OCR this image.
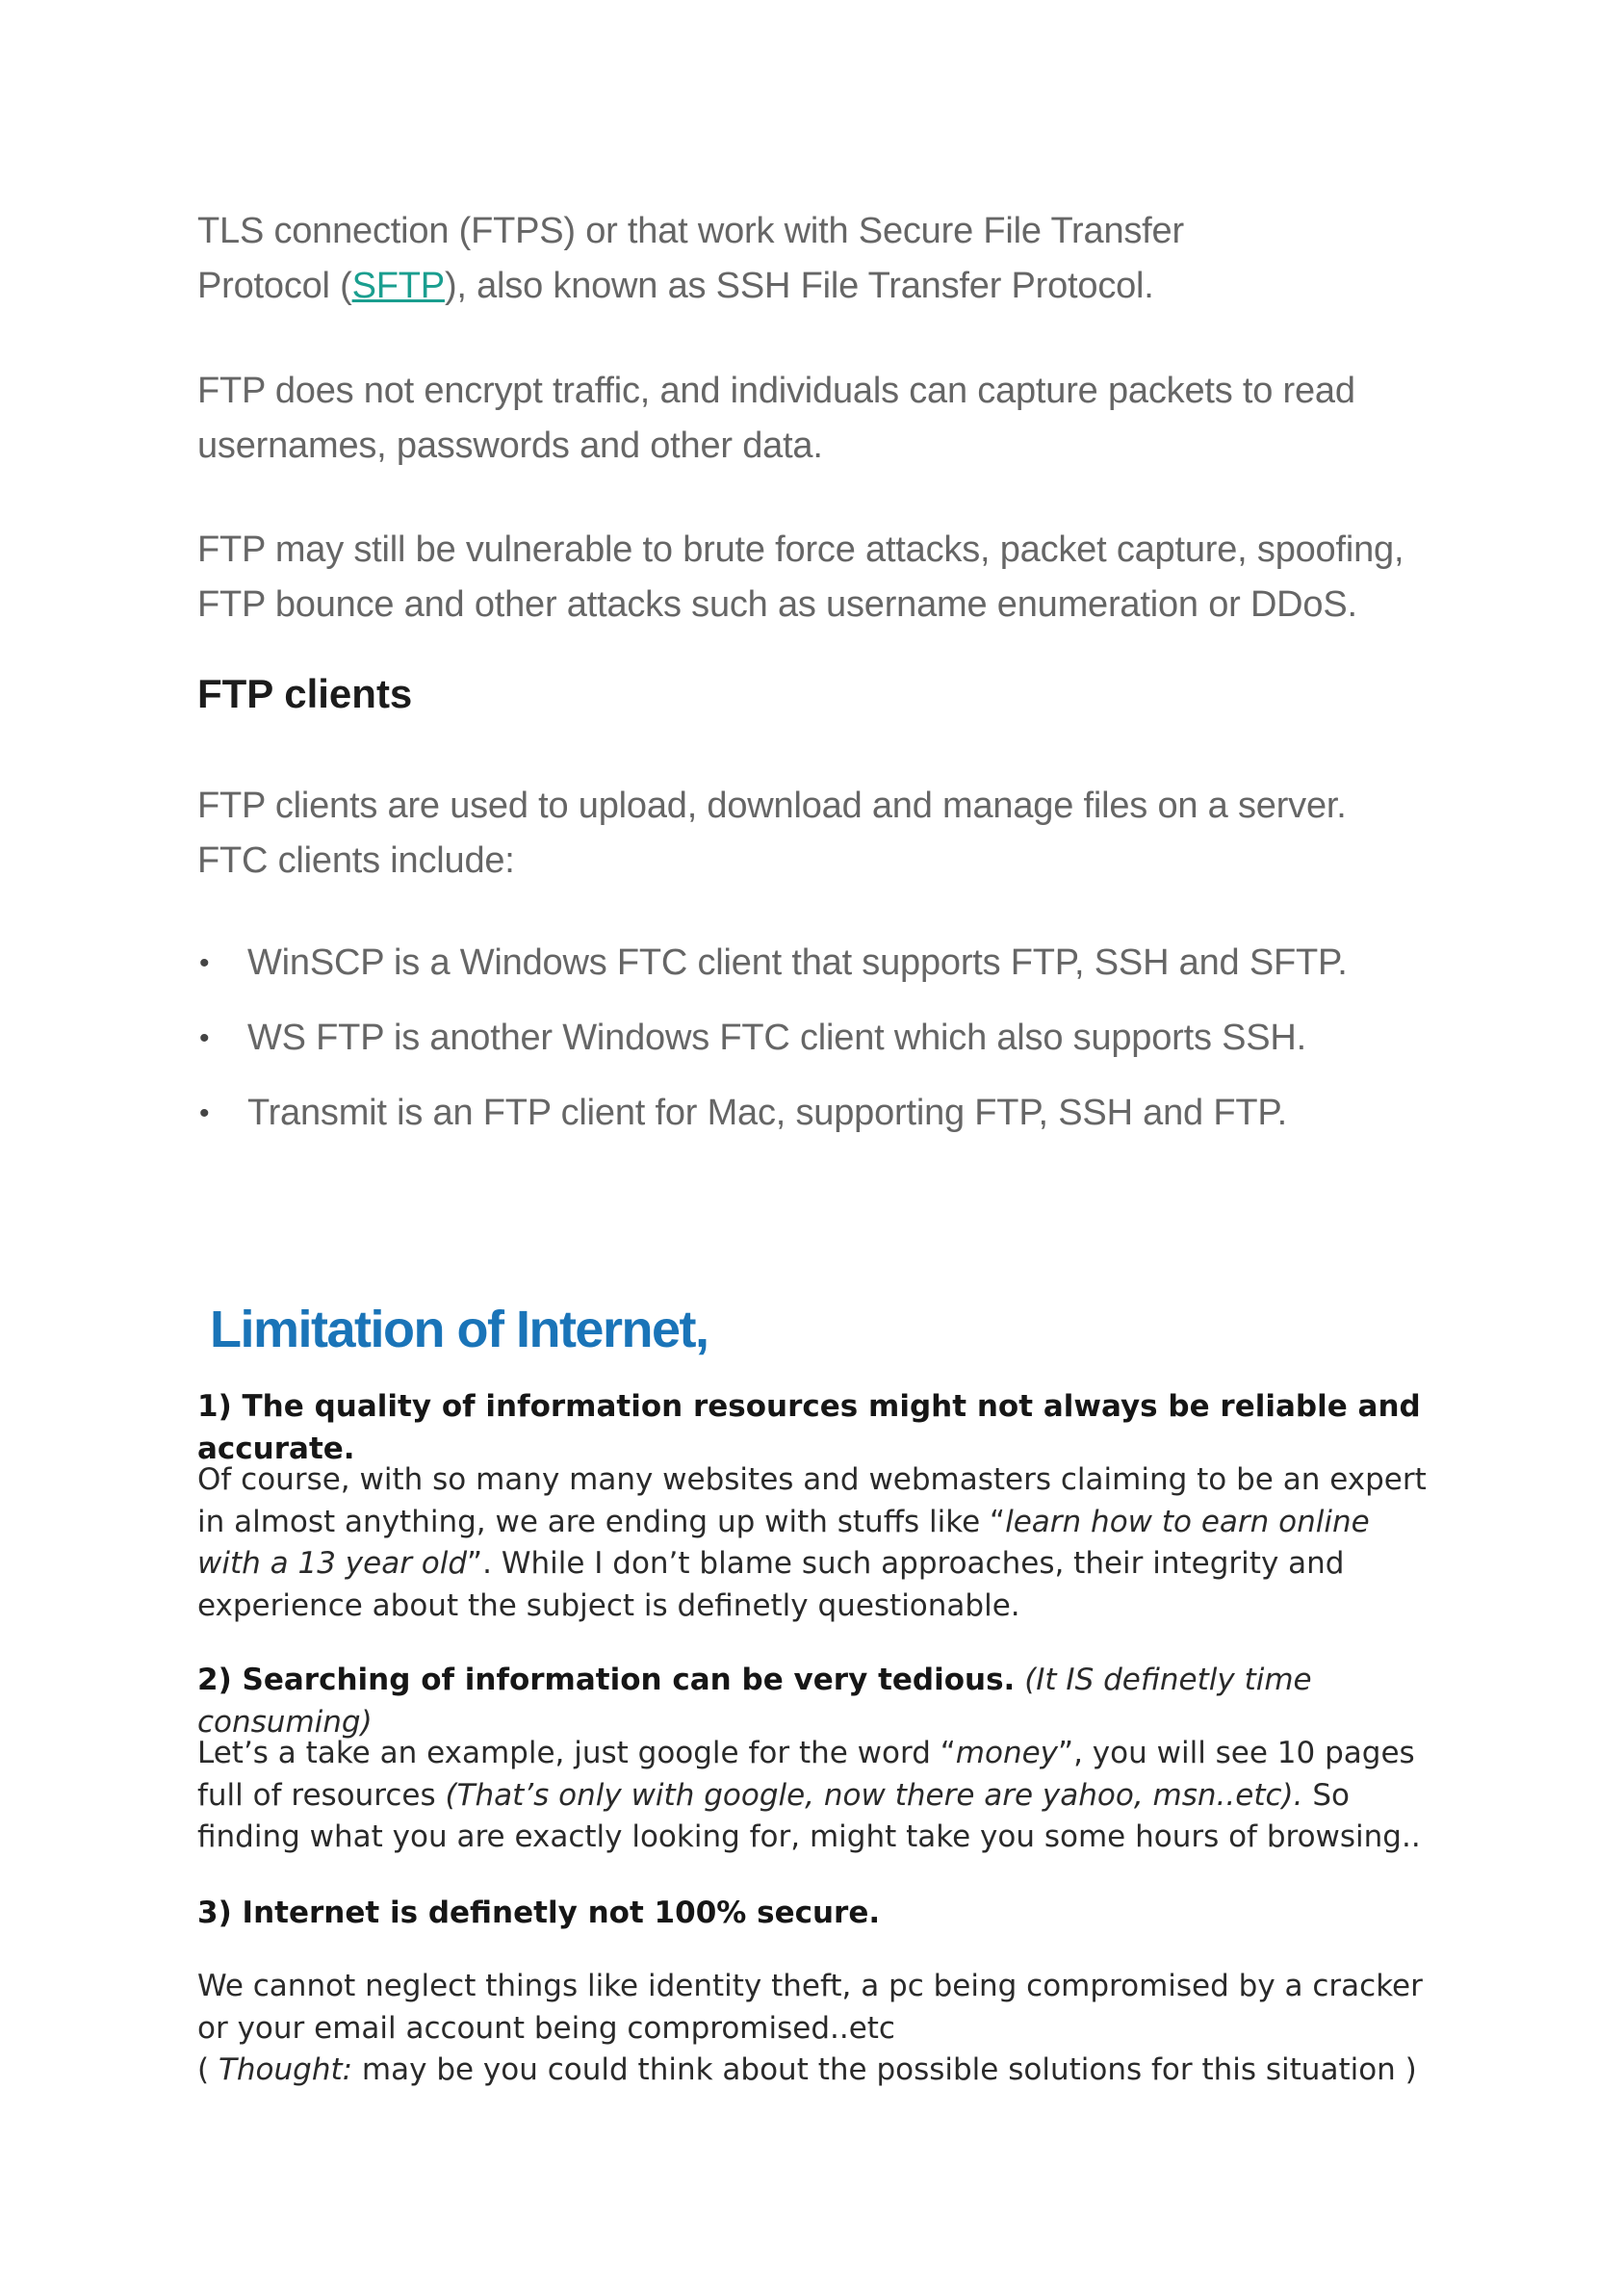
TLS connection (FTPS) or that work with Secure File Transfer
Protocol (SFTP), also known as SSH File Transfer Protocol.

FTP does not encrypt traffic, and individuals can capture packets to read usernames, passwords and other data.

FTP may still be vulnerable to brute force attacks, packet capture, spoofing, FTP bounce and other attacks such as username enumeration or DDoS.

FTP clients

FTP clients are used to upload, download and manage files on a server. FTC clients include:

• WinSCP is a Windows FTC client that supports FTP, SSH and SFTP.
• WS FTP is another Windows FTC client which also supports SSH.
• Transmit is an FTP client for Mac, supporting FTP, SSH and FTP.
Limitation of Internet,

1) The quality of information resources might not always be reliable and accurate.

Of course, with so many many websites and webmasters claiming to be an expert in almost anything, we are ending up with stuffs like “learn how to earn online with a 13 year old”. While I don’t blame such approaches, their integrity and experience about the subject is definetly questionable.

2) Searching of information can be very tedious. (It IS definetly time consuming)

Let’s a take an example, just google for the word “money”, you will see 10 pages full of resources (That’s only with google, now there are yahoo, msn..etc). So finding what you are exactly looking for, might take you some hours of browsing..

3) Internet is definetly not 100% secure.

We cannot neglect things like identity theft, a pc being compromised by a cracker or your email account being compromised..etc

( Thought: may be you could think about the possible solutions for this situation )
